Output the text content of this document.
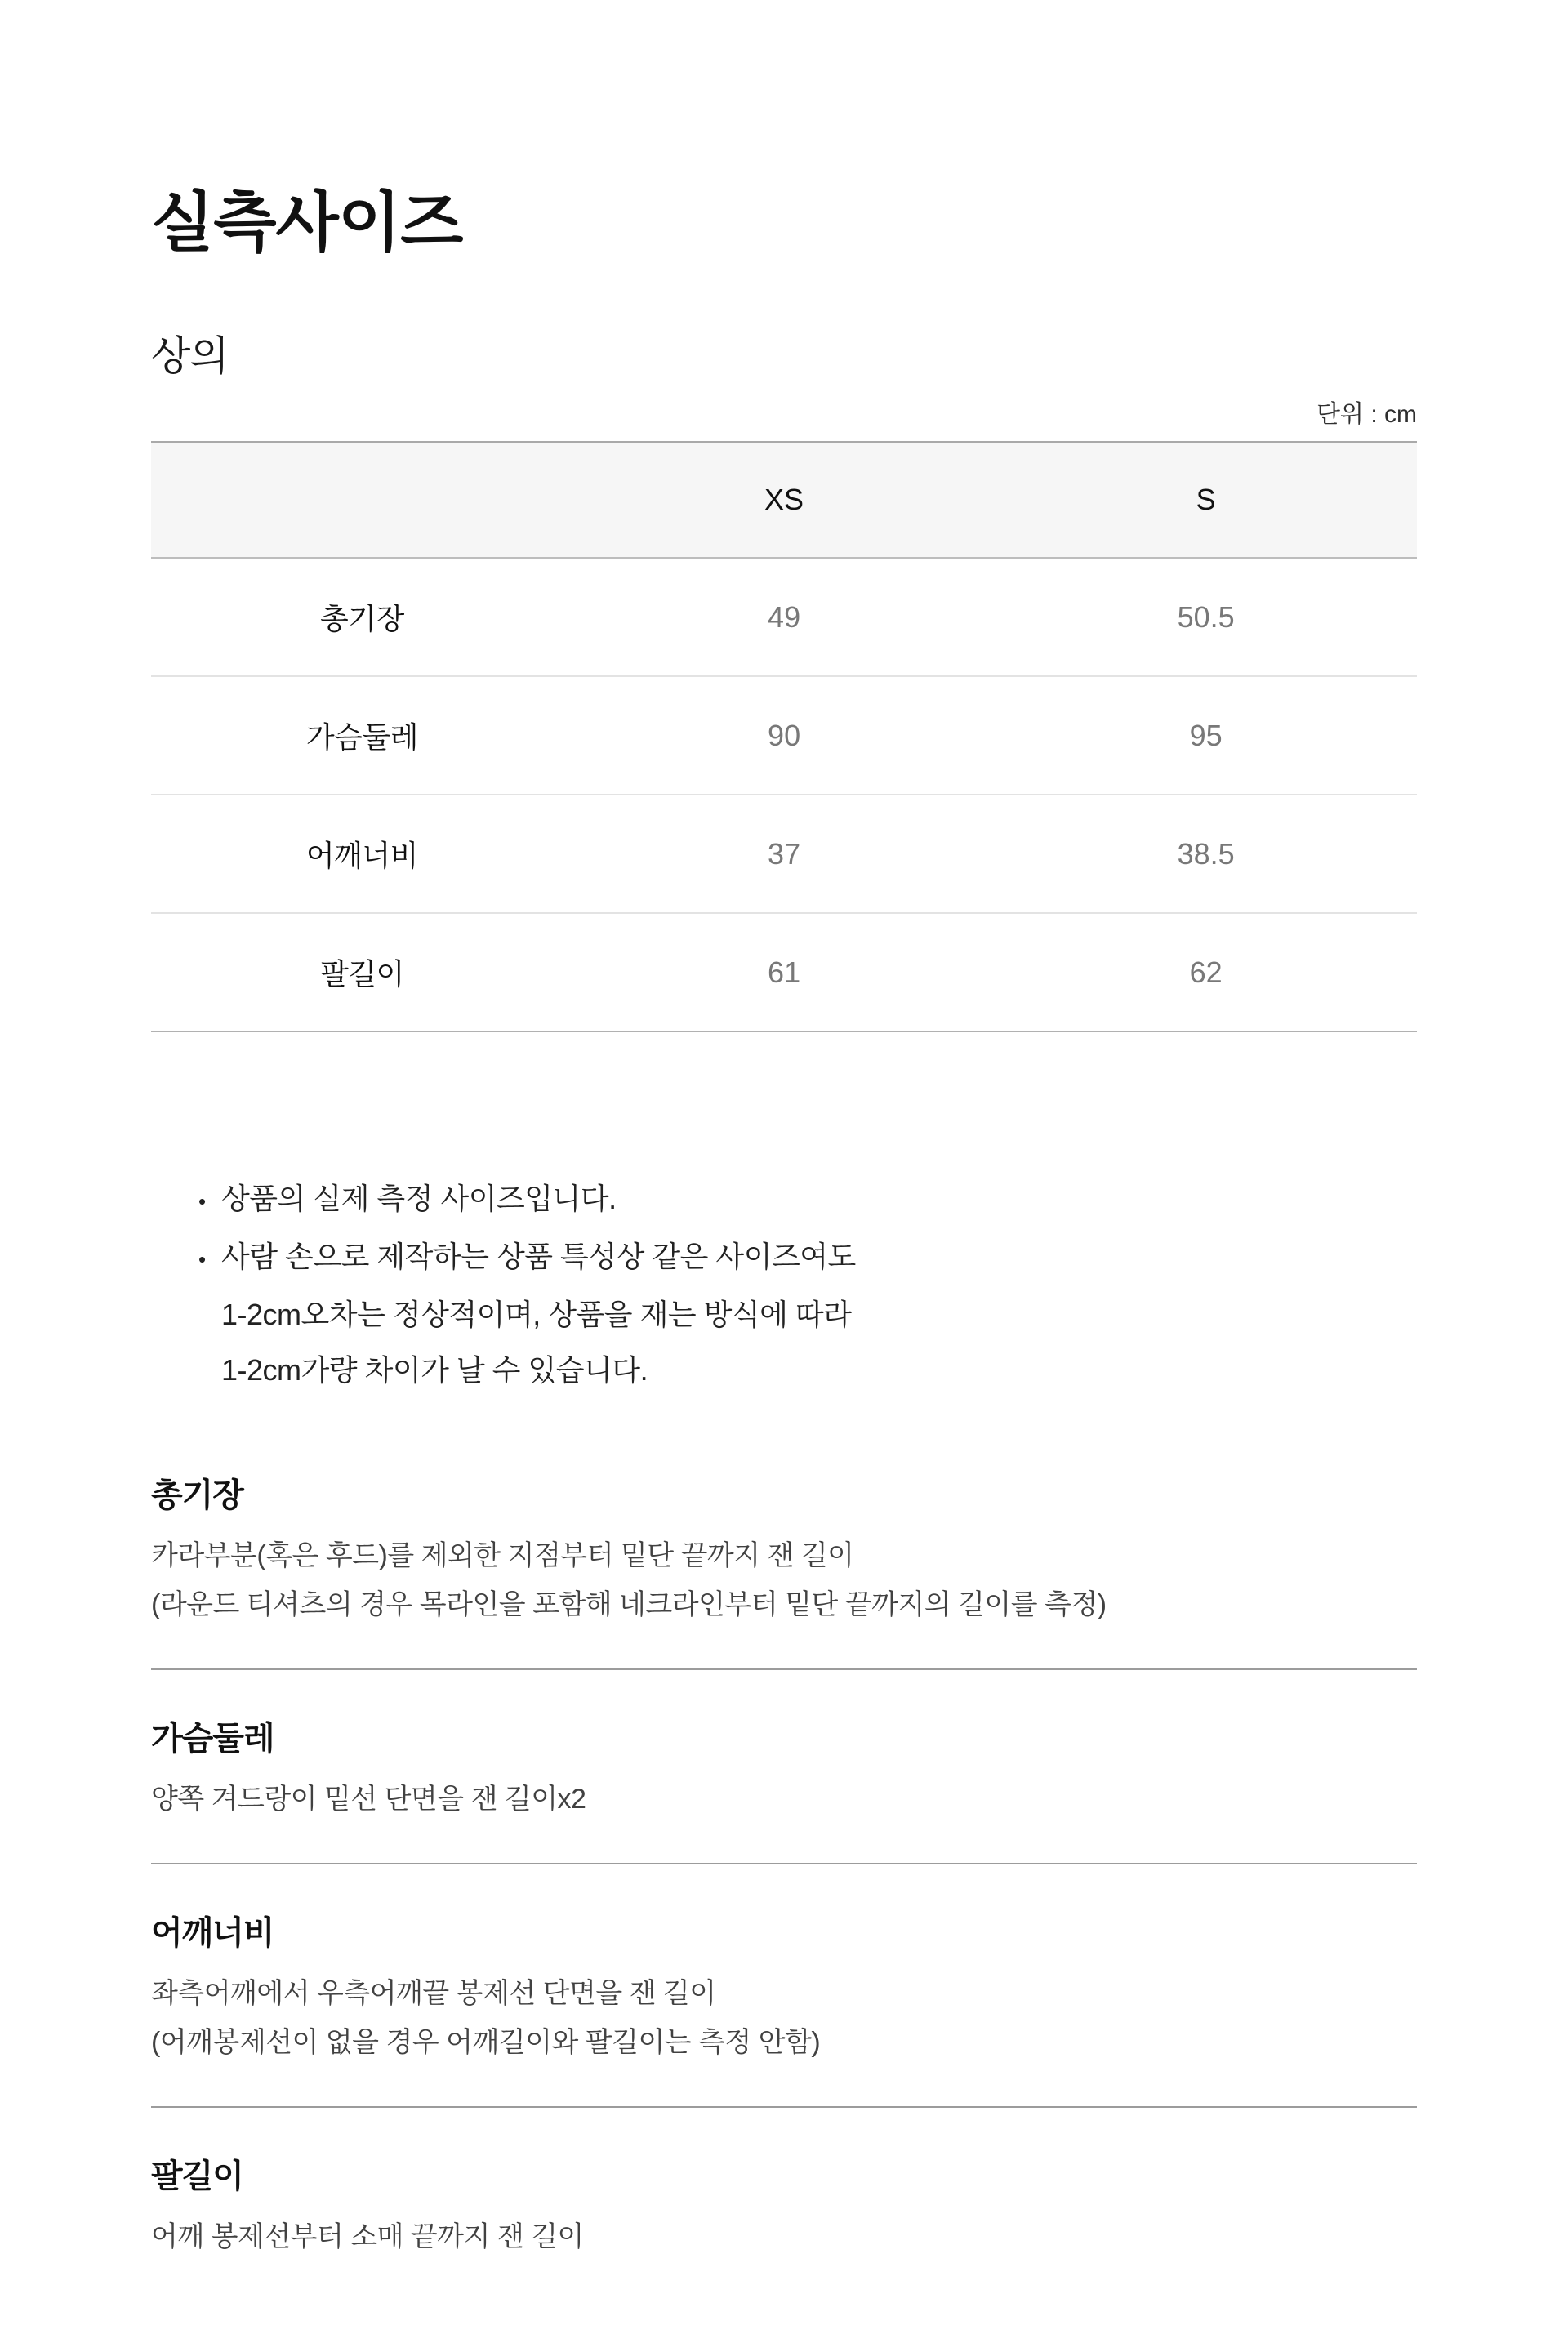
실측사이즈
상의
단위 : cm
	XS	S
총기장	49	50.5
가슴둘레	90	95
어깨너비	37	38.5
팔길이	61	62
• 상품의 실제 측정 사이즈입니다.
• 사람 손으로 제작하는 상품 특성상 같은 사이즈여도
1-2cm오차는 정상적이며, 상품을 재는 방식에 따라
1-2cm가량 차이가 날 수 있습니다.
총기장

카라부분(혹은 후드)를 제외한 지점부터 밑단 끝까지 잰 길이

(라운드 티셔츠의 경우 목라인을 포함해 네크라인부터 밑단 끝까지의 길이를 측정)

가슴둘레

양쪽 겨드랑이 밑선 단면을 잰 길이x2

어깨너비

좌측어깨에서 우측어깨끝 봉제선 단면을 잰 길이

(어깨봉제선이 없을 경우 어깨길이와 팔길이는 측정 안함)

팔길이

어깨 봉제선부터 소매 끝까지 잰 길이
